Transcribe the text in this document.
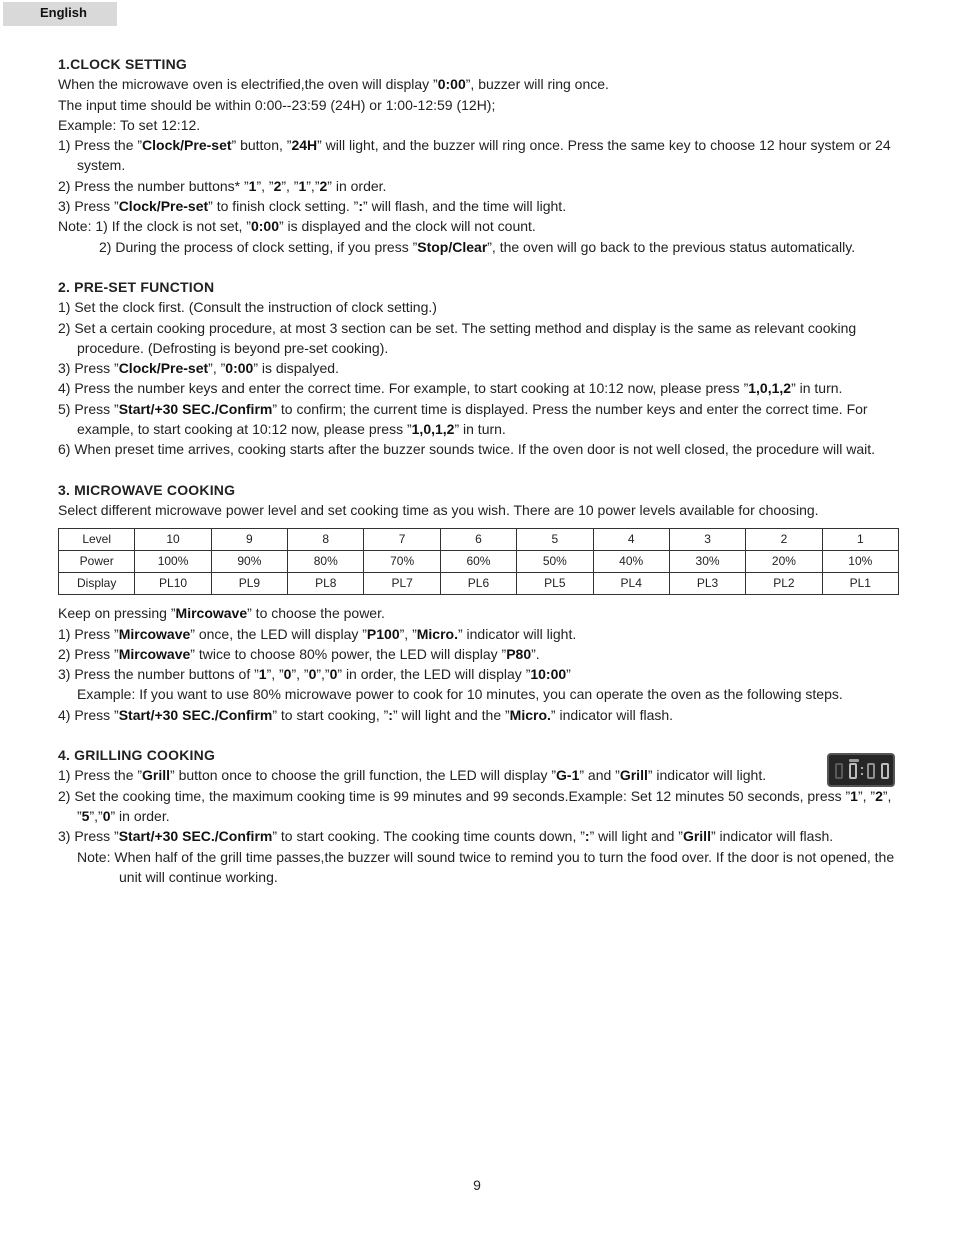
English
1.CLOCK SETTING
When the microwave oven is electrified,the oven will display ”0:00”, buzzer will ring once.
The input time should be within 0:00--23:59 (24H) or 1:00-12:59 (12H);
Example: To set 12:12.
1) Press the ”Clock/Pre-set” button, ”24H” will light, and the buzzer will ring once. Press the same key to choose 12 hour system or 24 system.
2) Press the number buttons* ”1”, ”2”, ”1”,”2” in order.
3) Press ”Clock/Pre-set” to finish clock setting. ”:” will flash, and the time will light.
Note: 1) If the clock is not set, ”0:00” is displayed and the clock will not count.
2) During the process of clock setting, if you press ”Stop/Clear”, the oven will go back to the previous status automatically.
2. PRE-SET FUNCTION
1) Set the clock first. (Consult the instruction of clock setting.)
2) Set a certain cooking procedure, at most 3 section can be set. The setting method and display is the same as relevant cooking procedure. (Defrosting is beyond pre-set cooking).
3) Press ”Clock/Pre-set”, ”0:00” is dispalyed.
4) Press the number keys and enter the correct time. For example, to start cooking at 10:12 now, please press ”1,0,1,2” in turn.
5) Press ”Start/+30 SEC./Confirm” to confirm; the current time is displayed. Press the number keys and enter the correct time. For example, to start cooking at 10:12 now, please press ”1,0,1,2” in turn.
6) When preset time arrives, cooking starts after the buzzer sounds twice. If the oven door is not well closed, the procedure will wait.
3. MICROWAVE COOKING
Select different microwave power level and set cooking time as you wish. There are 10 power levels available for choosing.
Level	10	9	8	7	6	5	4	3	2	1
Power	100%	90%	80%	70%	60%	50%	40%	30%	20%	10%
Display	PL10	PL9	PL8	PL7	PL6	PL5	PL4	PL3	PL2	PL1
Keep on pressing ”Mircowave” to choose the power.
1) Press ”Mircowave” once, the LED will display ”P100”, ”Micro.” indicator will light.
2) Press ”Mircowave” twice to choose 80% power, the LED will display ”P80”.
3) Press the number buttons of ”1”, ”0”, ”0”,”0” in order, the LED will display ”10:00”
Example: If you want to use 80% microwave power to cook for 10 minutes, you can operate the oven as the following steps.
4) Press ”Start/+30 SEC./Confirm” to start cooking, ”:” will light and the ”Micro.” indicator will flash.
4. GRILLING COOKING
1) Press the ”Grill” button once to choose the grill function, the LED will display ”G-1” and ”Grill” indicator will light.
2) Set the cooking time, the maximum cooking time is 99 minutes and 99 seconds.Example: Set 12 minutes 50 seconds, press ”1”, ”2”, ”5”,”0” in order.
3) Press ”Start/+30 SEC./Confirm” to start cooking. The cooking time counts down, ”:” will light and ”Grill” indicator will flash.
Note: When half of the grill time passes,the buzzer will sound twice to remind you to turn the food over. If the door is not opened, the unit will continue working.
9
